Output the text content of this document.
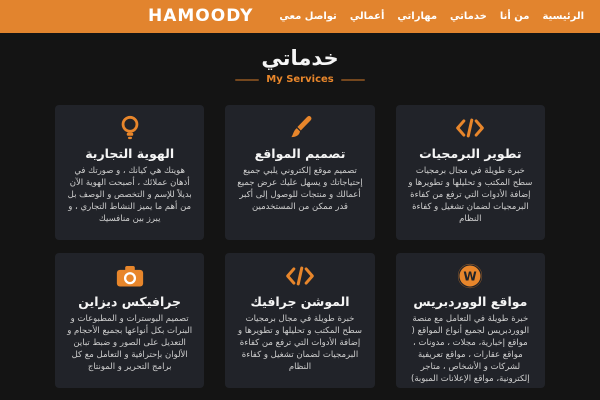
HAMOODY	الرئيسية
من أنا
خدماتي
مهاراتي
أعمالي
تواصل معي
خدماتي
My Services
تطوير البرمجيات

خبرة طويلة في مجال برمجيات سطح المكتب و تحليلها و تطويرها و إضافة الأدوات التي ترفع من كفاءة البرمجيات لضمان تشغيل و كفاءة النظام

تصميم المواقع

تصميم موقع إلكتروني يلبي جميع إحتياجاتك و يسهل عليك عرض جميع أعمالك و منتجات للوصول إلى أكبر قدر ممكن من المستخدمين

الهوية التجارية

هويتك هي كيانك ، و صورتك في أذهان عملائك ، أصبحت الهوية الآن بديلاً للإسم و التخصص و الوصف بل من أهم ما يميز النشاط التجاري ، و يبرز بين منافسيك

W
مواقع الووردبريس

خبرة طويلة في التعامل مع منصة الووردبريس لجميع أنواع المواقع ( مواقع إخبارية، مجلات ، مدونات ، مواقع عقارات ، مواقع تعريفية لشركات و الأشخاص ، متاجر إلكترونية، مواقع الإعلانات المبوبة)

الموشن جرافيك

خبرة طويلة في مجال برمجيات سطح المكتب و تحليلها و تطويرها و إضافة الأدوات التي ترفع من كفاءة البرمجيات لضمان تشغيل و كفاءة النظام

جرافيكس ديزاين

تصميم البوسترات و المطبوعات و البنرات بكل أنواعها بجميع الأحجام و التعديل على الصور و ضبط تباين الألوان بإحترافية و التعامل مع كل برامج التحرير و المونتاج
